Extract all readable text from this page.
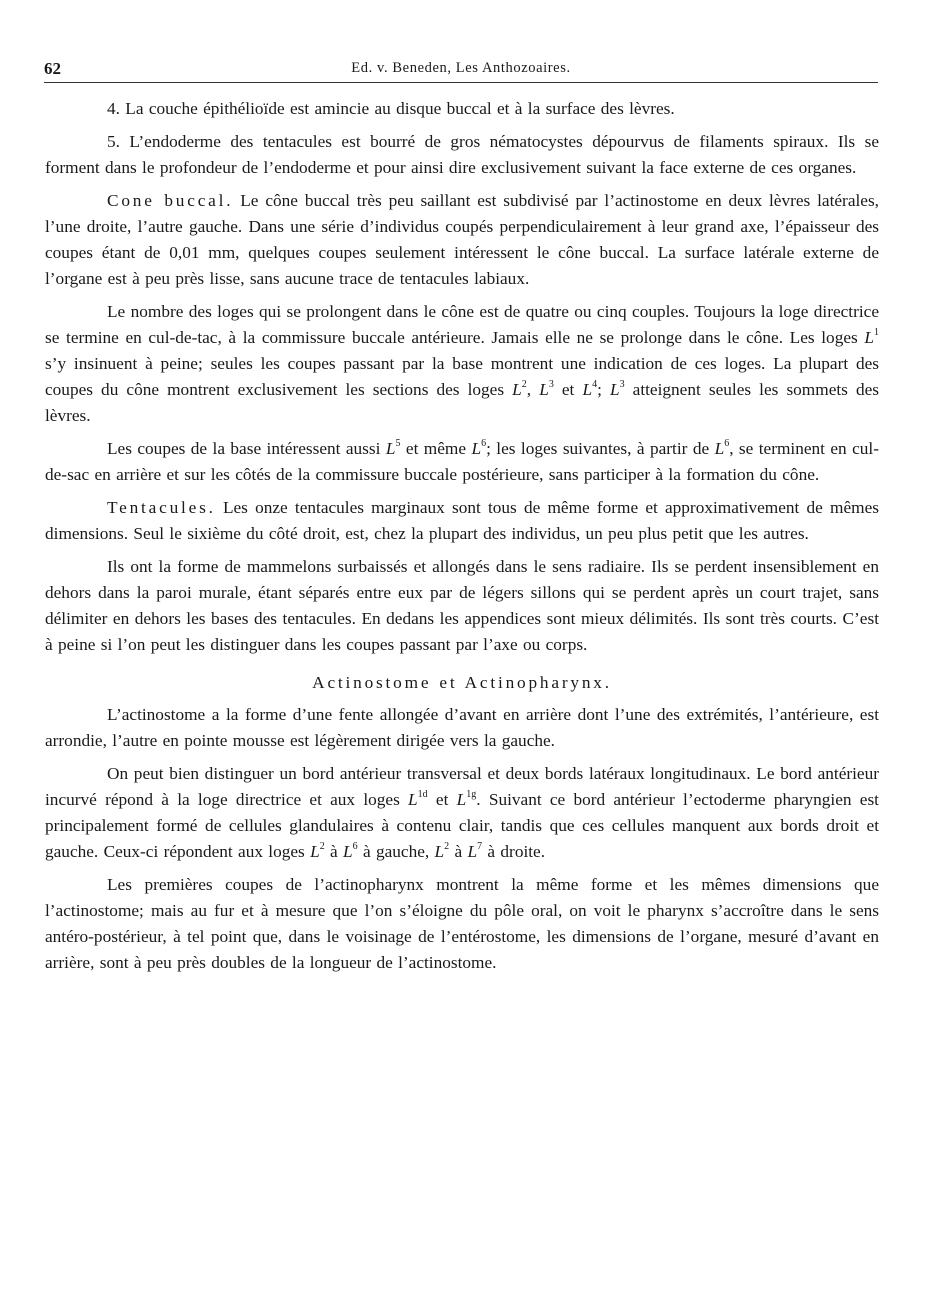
62	Ed. v. Beneden, Les Anthozoaires.

4. La couche épithélioïde est amincie au disque buccal et à la surface des lèvres.

5. L’endoderme des tentacules est bourré de gros nématocystes dépourvus de filaments spiraux. Ils se forment dans le profondeur de l’endoderme et pour ainsi dire exclusivement suivant la face externe de ces organes.

Cone buccal. Le cône buccal très peu saillant est subdivisé par l’actinostome en deux lèvres latérales, l’une droite, l’autre gauche. Dans une série d’individus coupés perpendiculairement à leur grand axe, l’épaisseur des coupes étant de 0,01 mm, quelques coupes seulement intéressent le cône buccal. La surface latérale externe de l’organe est à peu près lisse, sans aucune trace de tentacules labiaux.

Le nombre des loges qui se prolongent dans le cône est de quatre ou cinq couples. Toujours la loge directrice se termine en cul-de-tac, à la commissure buccale antérieure. Jamais elle ne se prolonge dans le cône. Les loges $L^1$ s’y insinuent à peine; seules les coupes passant par la base montrent une indication de ces loges. La plupart des coupes du cône montrent exclusivement les sections des loges $L^2$, $L^3$ et $L^4$; $L^3$ atteignent seules les sommets des lèvres.

Les coupes de la base intéressent aussi $L^5$ et même $L^6$; les loges suivantes, à partir de $L^6$, se terminent en cul-de-sac en arrière et sur les côtés de la commissure buccale postérieure, sans participer à la formation du cône.

Tentacules. Les onze tentacules marginaux sont tous de même forme et approximativement de mêmes dimensions. Seul le sixième du côté droit, est, chez la plupart des individus, un peu plus petit que les autres.

Ils ont la forme de mammelons surbaissés et allongés dans le sens radiaire. Ils se perdent insensiblement en dehors dans la paroi murale, étant séparés entre eux par de légers sillons qui se perdent après un court trajet, sans délimiter en dehors les bases des tentacules. En dedans les appendices sont mieux délimités. Ils sont très courts. C’est à peine si l’on peut les distinguer dans les coupes passant par l’axe ou corps.

Actinostome et Actinopharynx.

L’actinostome a la forme d’une fente allongée d’avant en arrière dont l’une des extrémités, l’antérieure, est arrondie, l’autre en pointe mousse est légèrement dirigée vers la gauche.

On peut bien distinguer un bord antérieur transversal et deux bords latéraux longitudinaux. Le bord antérieur incurvé répond à la loge directrice et aux loges $L^{1d}$ et $L^{1g}$. Suivant ce bord antérieur l’ectoderme pharyngien est principalement formé de cellules glandulaires à contenu clair, tandis que ces cellules manquent aux bords droit et gauche. Ceux-ci répondent aux loges $L^2$ à $L^6$ à gauche, $L^2$ à $L^7$ à droite.

Les premières coupes de l’actinopharynx montrent la même forme et les mêmes dimensions que l’actinostome; mais au fur et à mesure que l’on s’éloigne du pôle oral, on voit le pharynx s’accroître dans le sens antéro-postérieur, à tel point que, dans le voisinage de l’entérostome, les dimensions de l’organe, mesuré d’avant en arrière, sont à peu près doubles de la longueur de l’actinostome.
